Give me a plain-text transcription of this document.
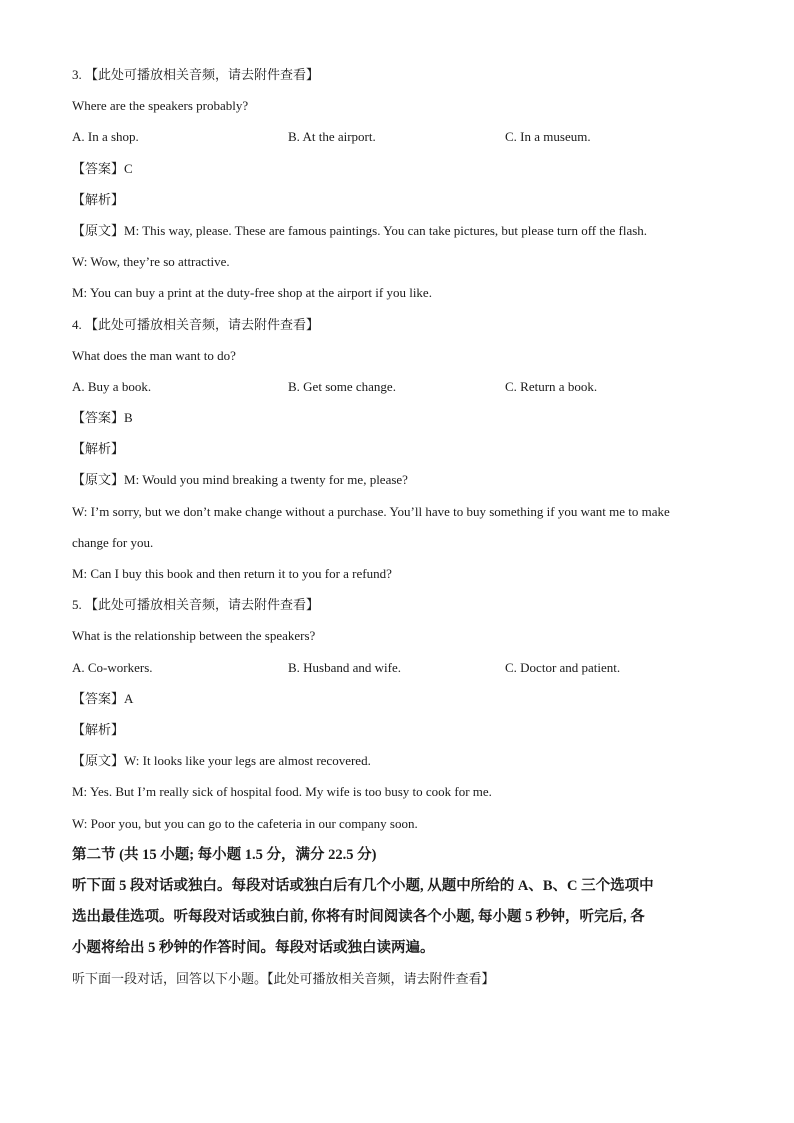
3. 【此处可播放相关音频，请去附件查看】
Where are the speakers probably?
A. In a shop.	B. At the airport.	C. In a museum.
【答案】C
【解析】
【原文】M: This way, please. These are famous paintings. You can take pictures, but please turn off the flash.
W: Wow, they’re so attractive.
M: You can buy a print at the duty-free shop at the airport if you like.
4. 【此处可播放相关音频，请去附件查看】
What does the man want to do?
A. Buy a book.	B. Get some change.	C. Return a book.
【答案】B
【解析】
【原文】M: Would you mind breaking a twenty for me, please?
W: I’m sorry, but we don’t make change without a purchase. You’ll have to buy something if you want me to make
change for you.
M: Can I buy this book and then return it to you for a refund?
5. 【此处可播放相关音频，请去附件查看】
What is the relationship between the speakers?
A. Co-workers.	B. Husband and wife.	C. Doctor and patient.
【答案】A
【解析】
【原文】W: It looks like your legs are almost recovered.
M: Yes. But I’m really sick of hospital food. My wife is too busy to cook for me.
W: Poor you, but you can go to the cafeteria in our company soon.
第二节 (共 15 小题; 每小题 1.5 分，满分 22.5 分)
听下面 5 段对话或独白。每段对话或独白后有几个小题, 从题中所给的 A、B、C 三个选项中
选出最佳选项。听每段对话或独白前, 你将有时间阅读各个小题, 每小题 5 秒钟，听完后, 各
小题将给出 5 秒钟的作答时间。每段对话或独白读两遍。
听下面一段对话，回答以下小题。【此处可播放相关音频，请去附件查看】
